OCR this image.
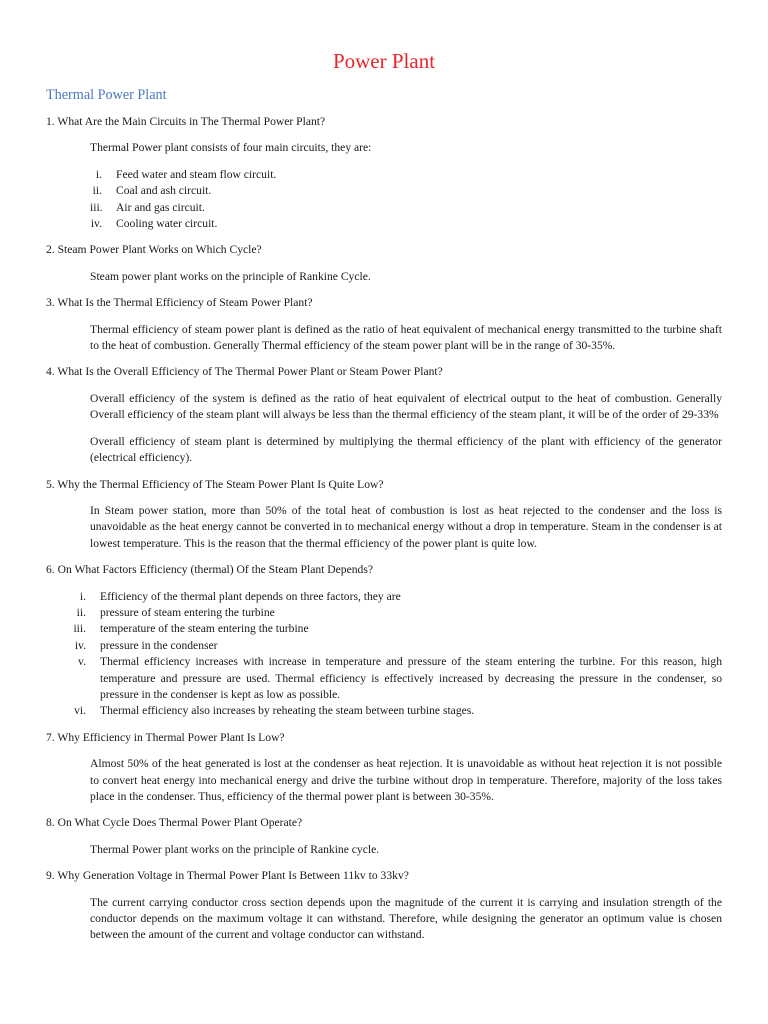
Power Plant
Thermal Power Plant
1. What Are the Main Circuits in The Thermal Power Plant?
Thermal Power plant consists of four main circuits, they are:
i.	Feed water and steam flow circuit.
ii.	Coal and ash circuit.
iii.	Air and gas circuit.
iv.	Cooling water circuit.
2. Steam Power Plant Works on Which Cycle?
Steam power plant works on the principle of Rankine Cycle.
3. What Is the Thermal Efficiency of Steam Power Plant?
Thermal efficiency of steam power plant is defined as the ratio of heat equivalent of mechanical energy transmitted to the turbine shaft to the heat of combustion. Generally Thermal efficiency of the steam power plant will be in the range of 30-35%.
4. What Is the Overall Efficiency of The Thermal Power Plant or Steam Power Plant?
Overall efficiency of the system is defined as the ratio of heat equivalent of electrical output to the heat of combustion. Generally Overall efficiency of the steam plant will always be less than the thermal efficiency of the steam plant, it will be of the order of 29-33%
Overall efficiency of steam plant is determined by multiplying the thermal efficiency of the plant with efficiency of the generator (electrical efficiency).
5. Why the Thermal Efficiency of The Steam Power Plant Is Quite Low?
In Steam power station, more than 50% of the total heat of combustion is lost as heat rejected to the condenser and the loss is unavoidable as the heat energy cannot be converted in to mechanical energy without a drop in temperature. Steam in the condenser is at lowest temperature. This is the reason that the thermal efficiency of the power plant is quite low.
6. On What Factors Efficiency (thermal) Of the Steam Plant Depends?
i.	Efficiency of the thermal plant depends on three factors, they are
ii.	pressure of steam entering the turbine
iii.	temperature of the steam entering the turbine
iv.	pressure in the condenser
v.	Thermal efficiency increases with increase in temperature and pressure of the steam entering the turbine. For this reason, high temperature and pressure are used. Thermal efficiency is effectively increased by decreasing the pressure in the condenser, so pressure in the condenser is kept as low as possible.
vi.	Thermal efficiency also increases by reheating the steam between turbine stages.
7. Why Efficiency in Thermal Power Plant Is Low?
Almost 50% of the heat generated is lost at the condenser as heat rejection. It is unavoidable as without heat rejection it is not possible to convert heat energy into mechanical energy and drive the turbine without drop in temperature. Therefore, majority of the loss takes place in the condenser. Thus, efficiency of the thermal power plant is between 30-35%.
8. On What Cycle Does Thermal Power Plant Operate?
Thermal Power plant works on the principle of Rankine cycle.
9. Why Generation Voltage in Thermal Power Plant Is Between 11kv to 33kv?
The current carrying conductor cross section depends upon the magnitude of the current it is carrying and insulation strength of the conductor depends on the maximum voltage it can withstand. Therefore, while designing the generator an optimum value is chosen between the amount of the current and voltage conductor can withstand.
